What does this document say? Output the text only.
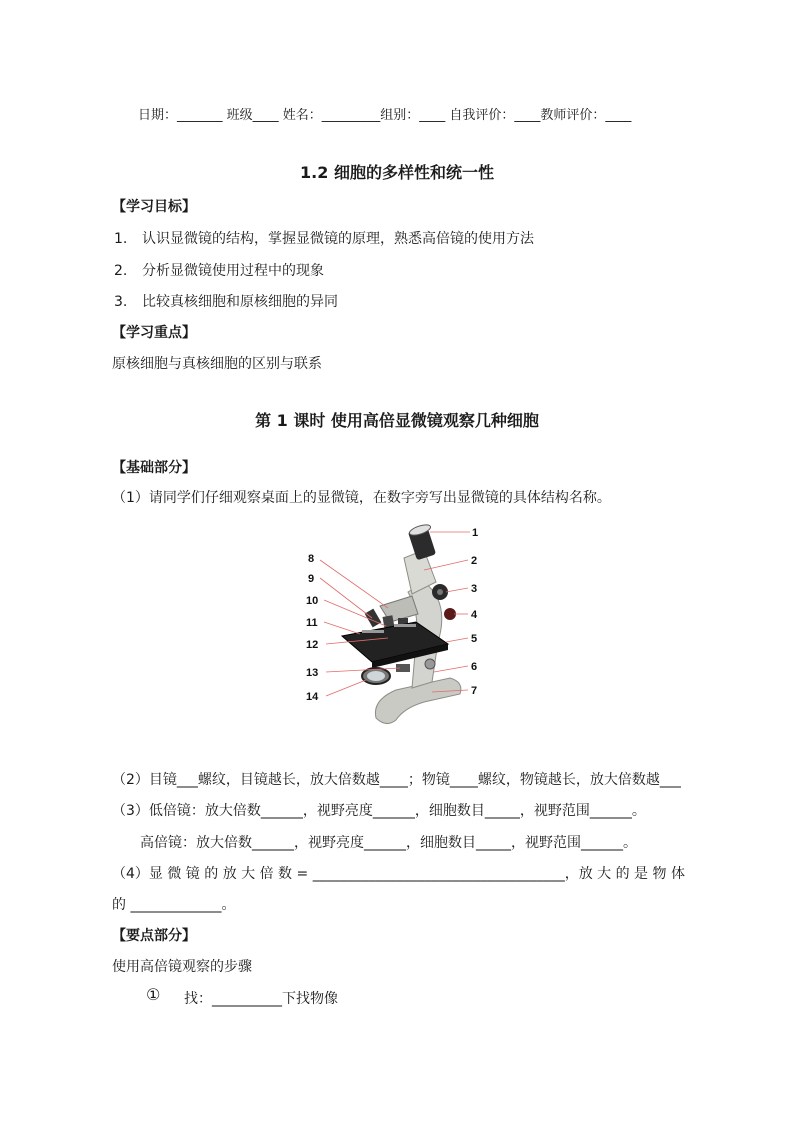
日期：_______ 班级____ 姓名：_________组别：____ 自我评价：____教师评价：____
1.2 细胞的多样性和统一性
【学习目标】
1. 认识显微镜的结构，掌握显微镜的原理，熟悉高倍镜的使用方法
2. 分析显微镜使用过程中的现象
3. 比较真核细胞和原核细胞的异同
【学习重点】
原核细胞与真核细胞的区别与联系
第 1 课时 使用高倍显微镜观察几种细胞
【基础部分】
（1）请同学们仔细观察桌面上的显微镜，在数字旁写出显微镜的具体结构名称。
1
2
3
4
5
6
7
8
9
10
11
12
13
14
（2）目镜___螺纹，目镜越长，放大倍数越____；物镜____螺纹，物镜越长，放大倍数越___
（3）低倍镜：放大倍数______，视野亮度______，细胞数目_____，视野范围______。
高倍镜：放大倍数______，视野亮度______，细胞数目_____，视野范围______。
（4）显 微 镜 的 放 大 倍 数 = ____________________________________，放 大 的 是 物 体
的 _____________。
【要点部分】
使用高倍镜观察的步骤
① 找：__________下找物像
